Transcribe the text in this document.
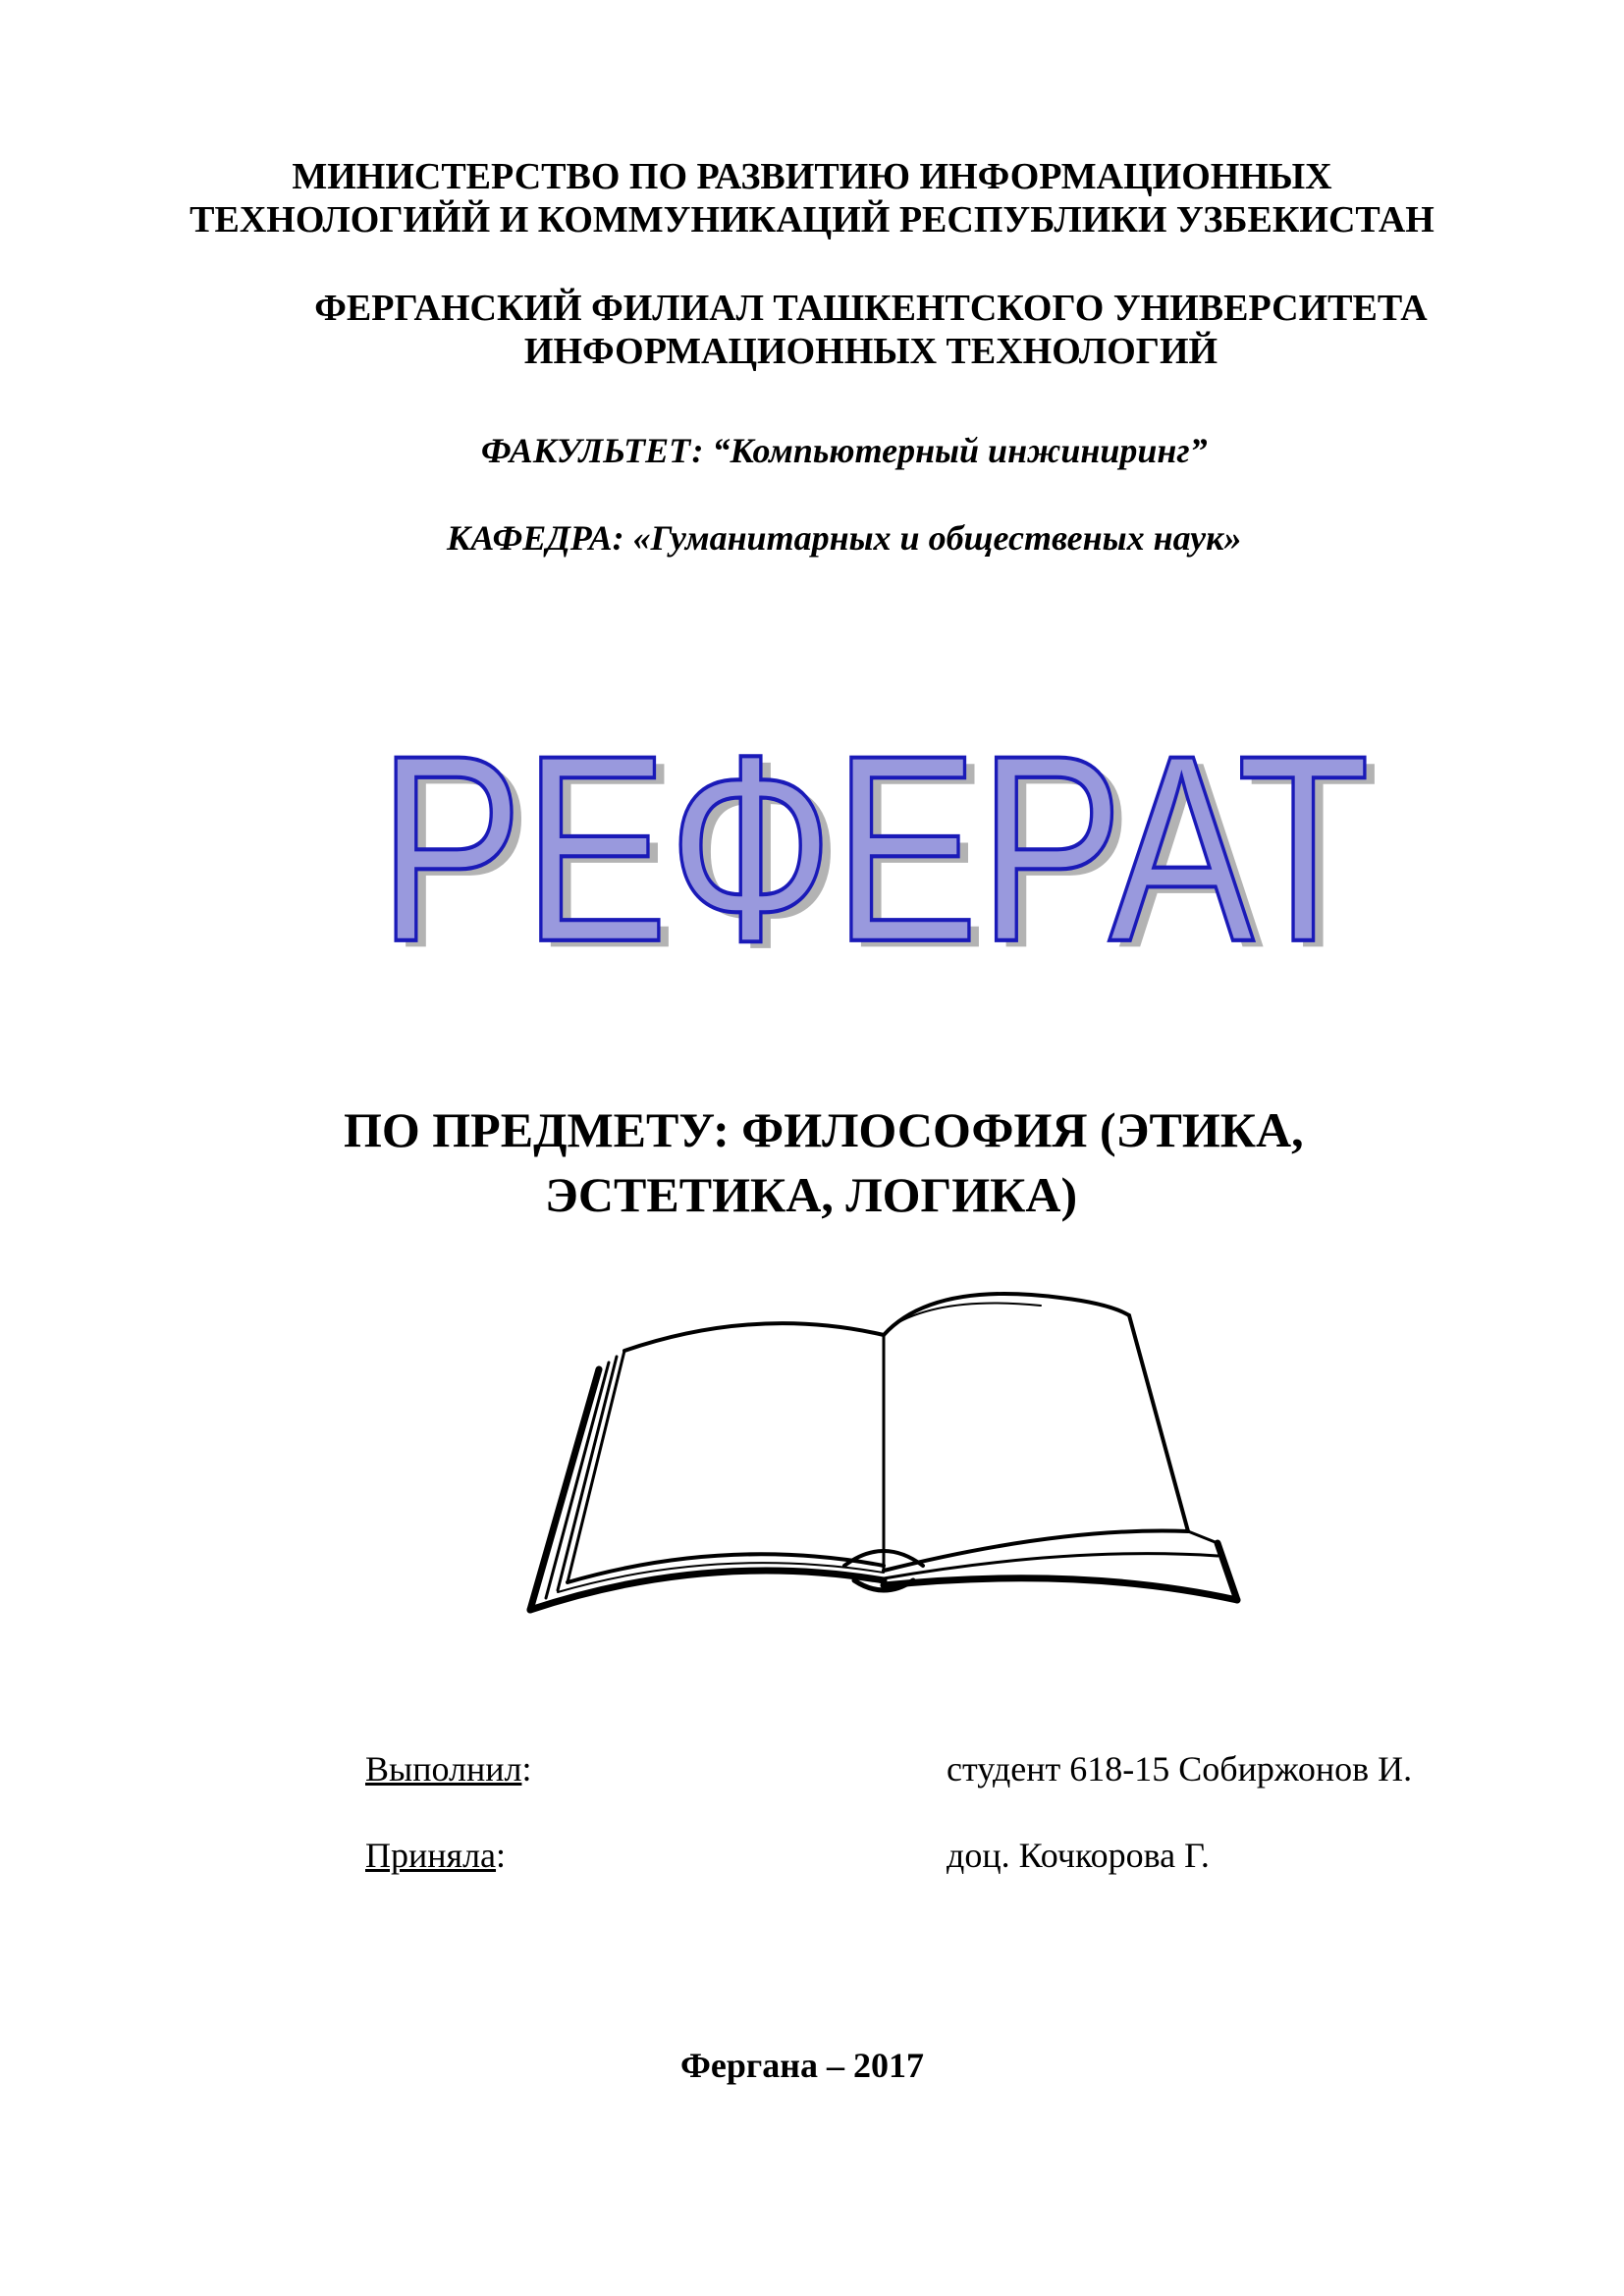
МИНИСТЕРСТВО ПО РАЗВИТИЮ ИНФОРМАЦИОННЫХ
ТЕХНОЛОГИЙЙ И КОММУНИКАЦИЙ РЕСПУБЛИКИ УЗБЕКИСТАН

ФЕРГАНСКИЙ ФИЛИАЛ ТАШКЕНТСКОГО УНИВЕРСИТЕТА
ИНФОРМАЦИОННЫХ ТЕХНОЛОГИЙ

ФАКУЛЬТЕТ: “Компьютерный инжиниринг”

КАФЕДРА: «Гуманитарных и общественых наук»

РЕФЕРАТ
РЕФЕРАТ

ПО ПРЕДМЕТУ: ФИЛОСОФИЯ (ЭТИКА,
ЭСТЕТИКА, ЛОГИКА)

Выполнил:	студент 618-15 Собиржонов И.
Приняла:	доц. Кочкорова Г.

Фергана – 2017
